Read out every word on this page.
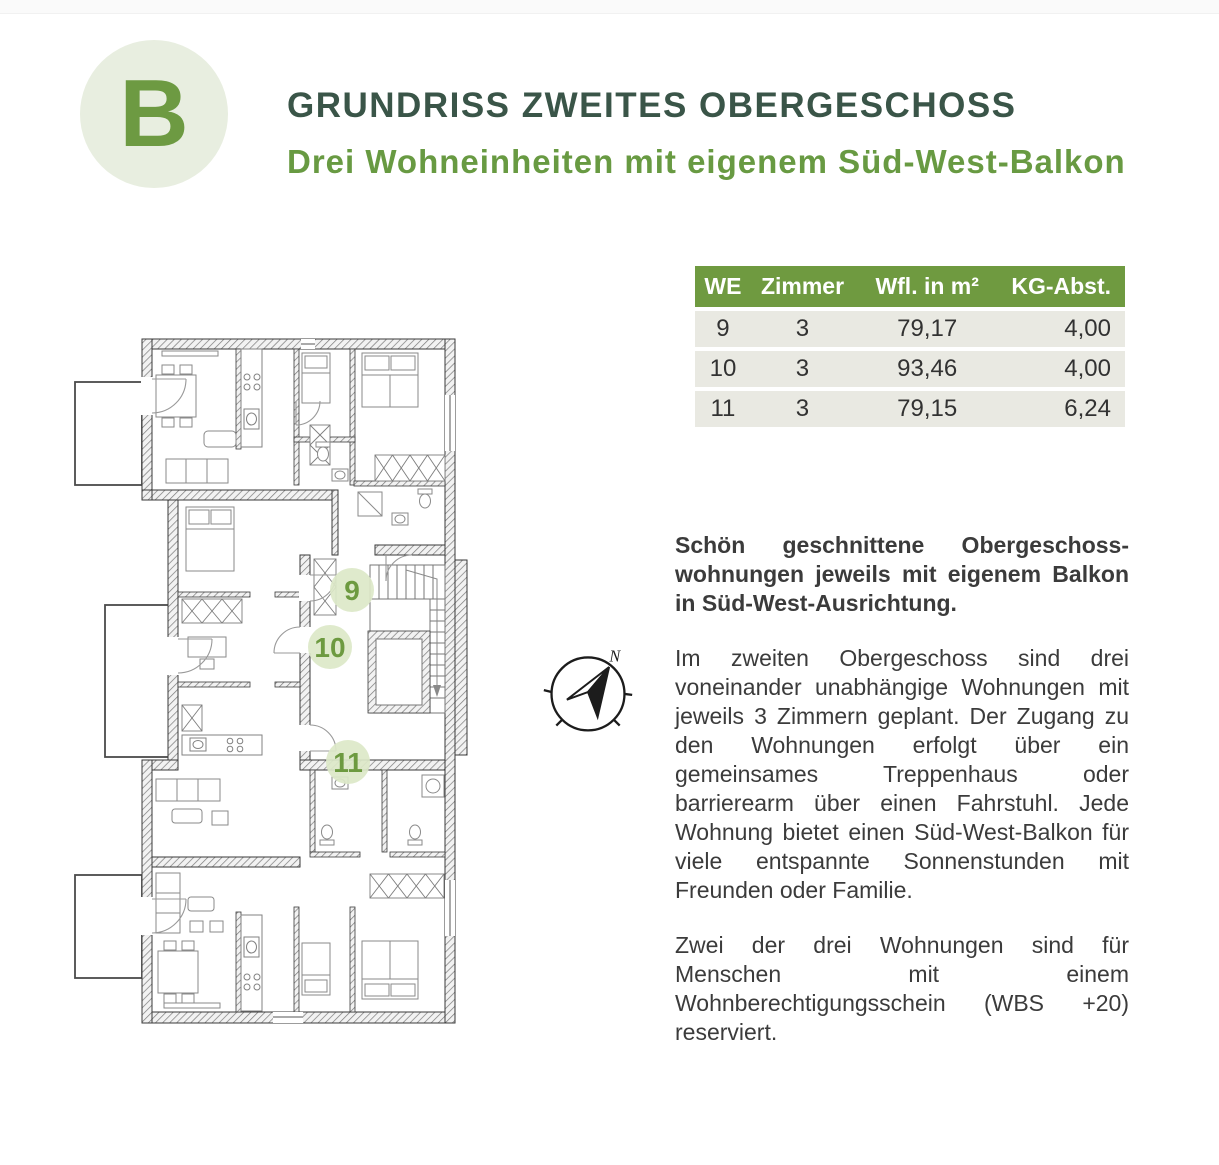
B	GRUNDRISS ZWEITES OBERGESCHOSS
Drei Wohneinheiten mit eigenem Süd-West-Balkon
WE	Zimmer	Wfl. in m²	KG-Abst.
9	3	79,17	4,00
10	3	93,46	4,00
11	3	79,15	6,24
9
10
11
N

Schön geschnittene Obergeschoss-wohnungen jeweils mit eigenem Balkon in Süd-West-Ausrichtung.

Im zweiten Obergeschoss sind drei voneinander unabhängige Wohnungen mit jeweils 3 Zimmern geplant. Der Zugang zu den Wohnungen erfolgt über ein gemeinsames Treppenhaus oder barrierearm über einen Fahrstuhl. Jede Wohnung bietet einen Süd-West-Balkon für viele entspannte Sonnenstunden mit Freunden oder Familie.

Zwei der drei Wohnungen sind für Menschen mit einem Wohnberechtigungsschein (WBS +20) reserviert.
